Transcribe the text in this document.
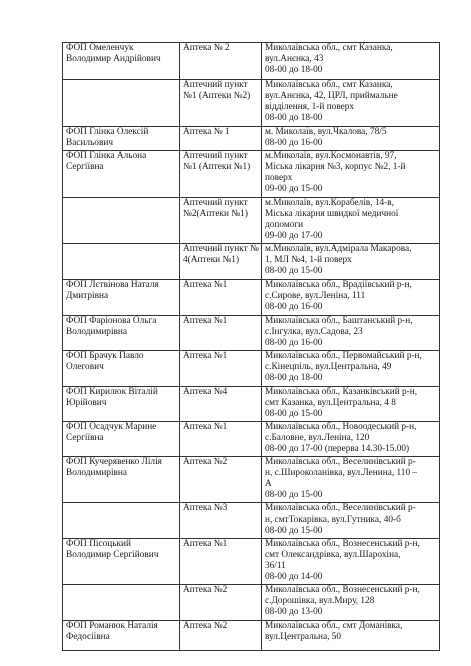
ФОП Омеленчук Володимир Андрійович	Аптека № 2	Миколаївська обл., смт Казанка,
вул.Анєнка, 43
08-00 до 18-00

	Аптечний пункт №1 (Аптеки №2)	Миколаївська обл., смт Казанка,
вул.Анєнка, 42, ЦРЛ, приймальне
відділення, 1-й поверх
08-00 до 18-00

ФОП Глінка Олексій Васильович	Аптека № 1	м. Миколаїв, вул.Чкалова, 78/5
08-00 до 16-00

ФОП Глінка Альона Сергіївна	Аптечний пункт №1 (Аптеки №1)	м.Миколаїв, вул.Космонавтів, 97,
Міська лікарня №3, корпус №2, 1-й
поверх
09-00 до 15-00

	Аптечний пункт №2(Аптеки №1)	м.Миколаїв, вул.Корабелів, 14-в,
Міська лікарня швидкої медичної
допомоги
09-00 до 17-00

	Аптечний пункт № 4(Аптеки №1)	м.Миколаїв, вул.Адмірала Макарова,
1, МЛ №4, 1-й поверх
08-00 до 15-00

ФОП Лєтвінова Наталя Дмитрівна	Аптека №1	Миколаївська обл., Врадіївський р-н,
с.Сирове, вул.Леніна, 111
08-00 до 16-00

ФОП Фаріонова Ольга Володимирівна	Аптека №1	Миколаївська обл., Баштанський р-н,
с.Інгулка, вул.Садова, 23
08-00 до 16-00

ФОП Брачук Павло Олегович	Аптека №1	Миколаївська обл., Первомайський р-н,
с.Кінецпіль, вул.Центральна, 49
08-00 до 18-00

ФОП Кирилюк Віталій Юрійович	Аптека №4	Миколаївська обл., Казанківський р-н,
смт Казанка, вул.Центральна, 4 8
08-00 до 15-00

ФОП Осадчук Марине Сергіївна	Аптека №1	Миколаївська обл., Новоодеський р-н,
с.Баловне, вул.Леніна, 120
08-00 до 17-00 (перерва 14.30-15.00)

ФОП Кучерявенко Лілія Володимирівна	Аптека №2	Миколаївська обл., Веселинівський р-
н, с.Широколанівка, вул.Ленина, 110 –
А
08-00 до 15-00

	Аптека №3	Миколаївська обл., Веселинівський р-
н, смтТокарівка, вул.Гутника, 40-б
08-00 до 15-00

ФОП Пісоцький Володимир Сергійович	Аптека №1	Миколаївська обл., Вознесенський р-н,
смт Олександрівка, вул.Шарохіна,
36/11
08-00 до 14-00

	Аптека №2	Миколаївська обл., Вознесенський р-н,
с.Дорошівка, вул.Миру, 128
08-00 до 13-00

ФОП Романюк Наталія Федосіївна	Аптека №2	Миколаївська обл., смт Доманівка,
вул.Центральна, 50
